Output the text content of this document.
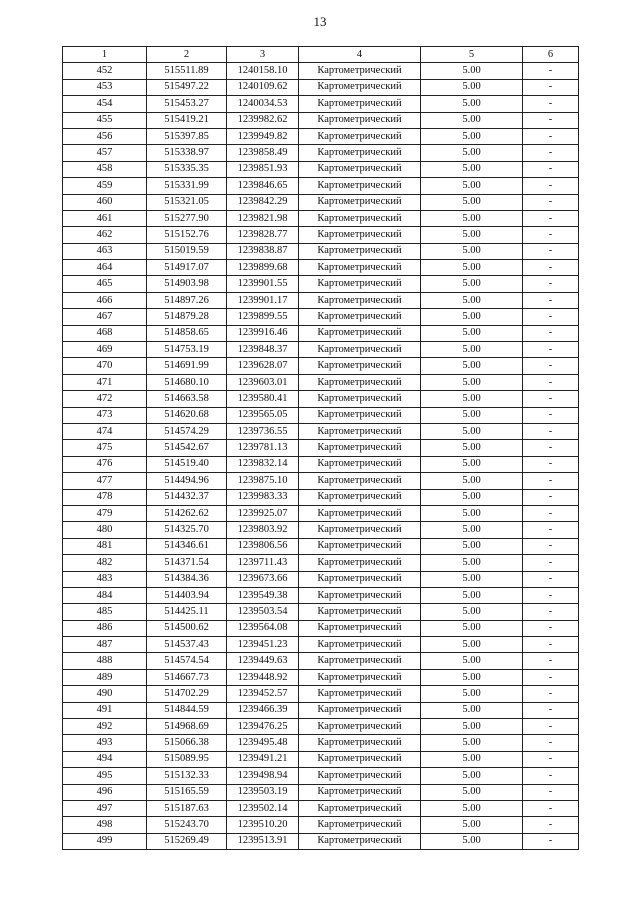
13
1	2	3	4	5	6
452	515511.89	1240158.10	Картометрический	5.00	-
453	515497.22	1240109.62	Картометрический	5.00	-
454	515453.27	1240034.53	Картометрический	5.00	-
455	515419.21	1239982.62	Картометрический	5.00	-
456	515397.85	1239949.82	Картометрический	5.00	-
457	515338.97	1239858.49	Картометрический	5.00	-
458	515335.35	1239851.93	Картометрический	5.00	-
459	515331.99	1239846.65	Картометрический	5.00	-
460	515321.05	1239842.29	Картометрический	5.00	-
461	515277.90	1239821.98	Картометрический	5.00	-
462	515152.76	1239828.77	Картометрический	5.00	-
463	515019.59	1239838.87	Картометрический	5.00	-
464	514917.07	1239899.68	Картометрический	5.00	-
465	514903.98	1239901.55	Картометрический	5.00	-
466	514897.26	1239901.17	Картометрический	5.00	-
467	514879.28	1239899.55	Картометрический	5.00	-
468	514858.65	1239916.46	Картометрический	5.00	-
469	514753.19	1239848.37	Картометрический	5.00	-
470	514691.99	1239628.07	Картометрический	5.00	-
471	514680.10	1239603.01	Картометрический	5.00	-
472	514663.58	1239580.41	Картометрический	5.00	-
473	514620.68	1239565.05	Картометрический	5.00	-
474	514574.29	1239736.55	Картометрический	5.00	-
475	514542.67	1239781.13	Картометрический	5.00	-
476	514519.40	1239832.14	Картометрический	5.00	-
477	514494.96	1239875.10	Картометрический	5.00	-
478	514432.37	1239983.33	Картометрический	5.00	-
479	514262.62	1239925.07	Картометрический	5.00	-
480	514325.70	1239803.92	Картометрический	5.00	-
481	514346.61	1239806.56	Картометрический	5.00	-
482	514371.54	1239711.43	Картометрический	5.00	-
483	514384.36	1239673.66	Картометрический	5.00	-
484	514403.94	1239549.38	Картометрический	5.00	-
485	514425.11	1239503.54	Картометрический	5.00	-
486	514500.62	1239564.08	Картометрический	5.00	-
487	514537.43	1239451.23	Картометрический	5.00	-
488	514574.54	1239449.63	Картометрический	5.00	-
489	514667.73	1239448.92	Картометрический	5.00	-
490	514702.29	1239452.57	Картометрический	5.00	-
491	514844.59	1239466.39	Картометрический	5.00	-
492	514968.69	1239476.25	Картометрический	5.00	-
493	515066.38	1239495.48	Картометрический	5.00	-
494	515089.95	1239491.21	Картометрический	5.00	-
495	515132.33	1239498.94	Картометрический	5.00	-
496	515165.59	1239503.19	Картометрический	5.00	-
497	515187.63	1239502.14	Картометрический	5.00	-
498	515243.70	1239510.20	Картометрический	5.00	-
499	515269.49	1239513.91	Картометрический	5.00	-
